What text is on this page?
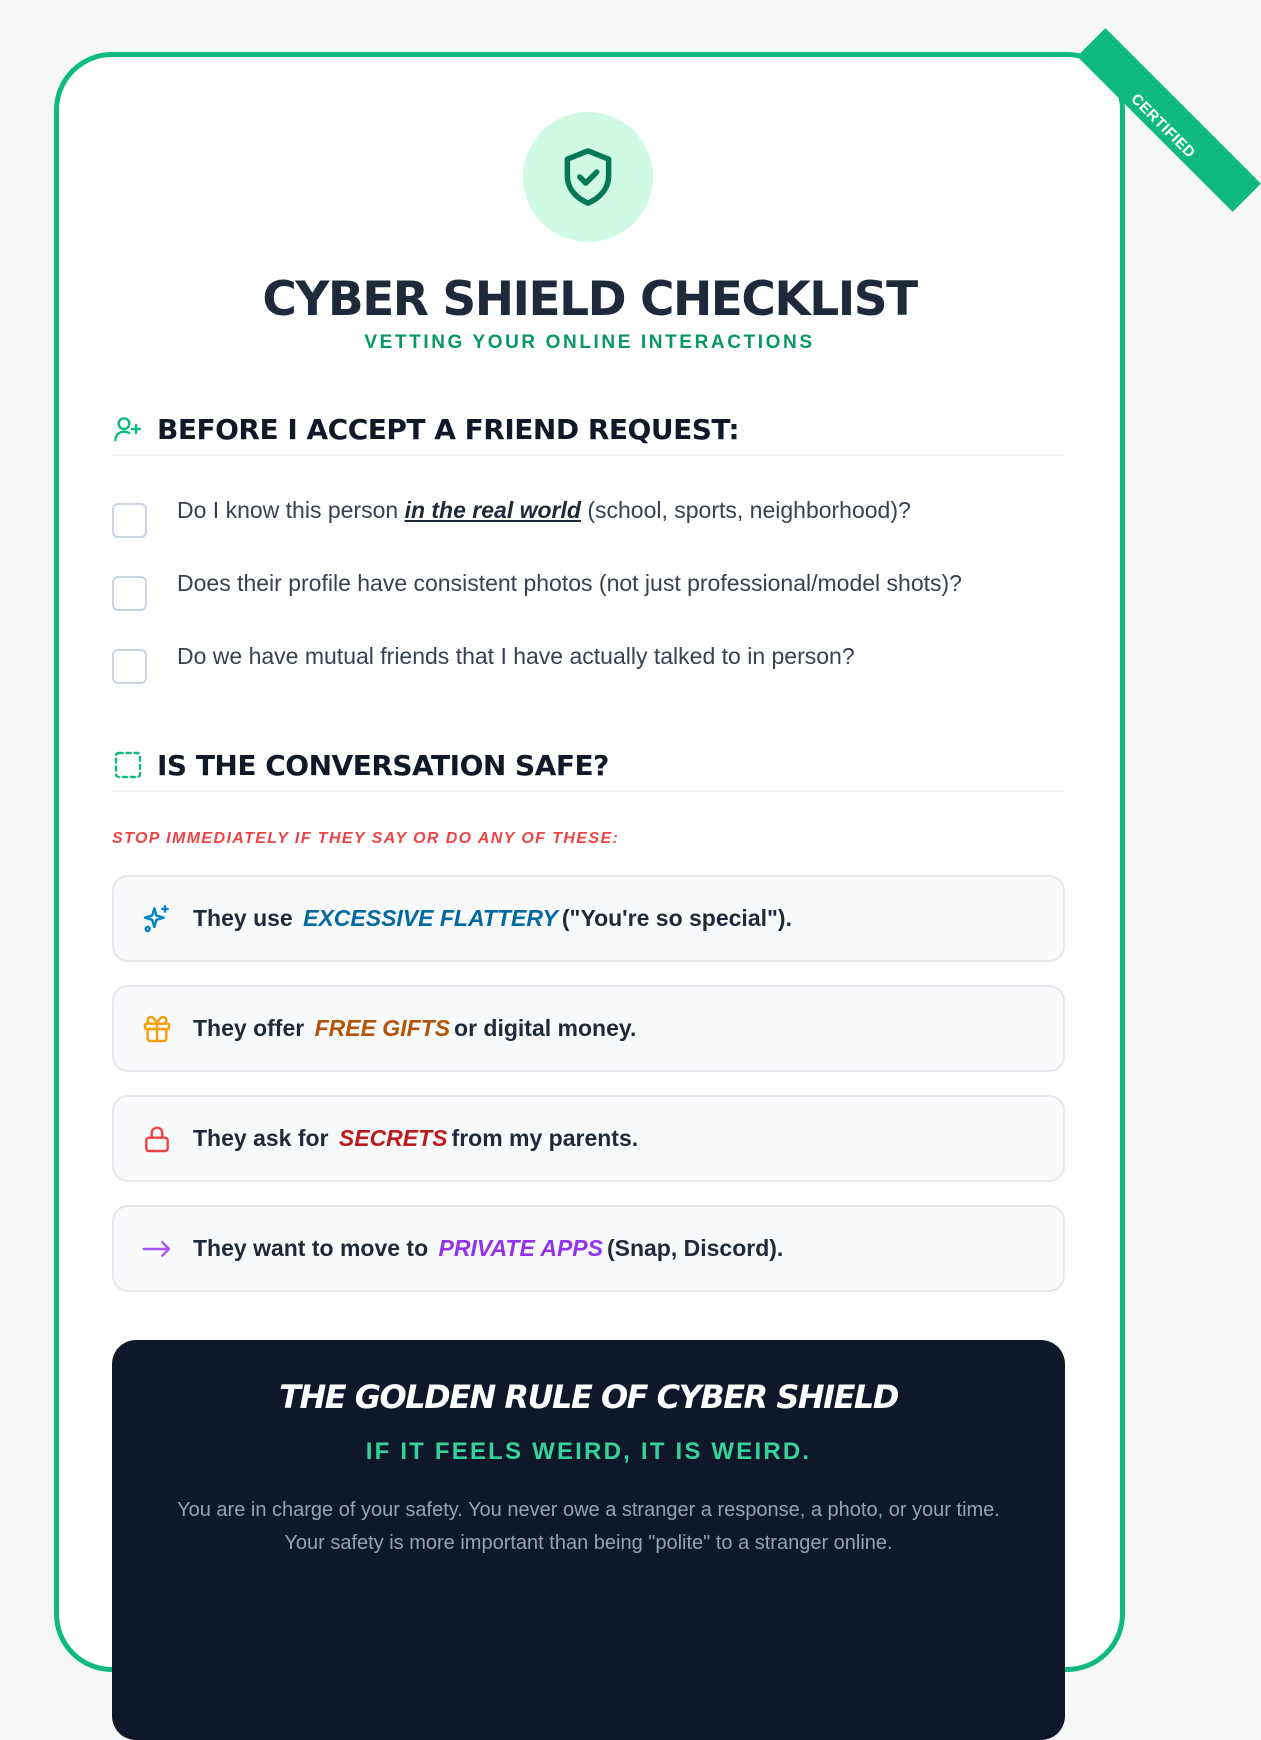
CERTIFIED
CYBER SHIELD CHECKLIST
VETTING YOUR ONLINE INTERACTIONS
BEFORE I ACCEPT A FRIEND REQUEST:
Do I know this person in the real world (school, sports, neighborhood)?
Does their profile have consistent photos (not just professional/model shots)?
Do we have mutual friends that I have actually talked to in person?
IS THE CONVERSATION SAFE?
STOP IMMEDIATELY IF THEY SAY OR DO ANY OF THESE:
They use EXCESSIVE FLATTERY ("You're so special").
They offer FREE GIFTS or digital money.
They ask for SECRETS from my parents.
They want to move to PRIVATE APPS (Snap, Discord).
THE GOLDEN RULE OF CYBER SHIELD
IF IT FEELS WEIRD, IT IS WEIRD.
You are in charge of your safety. You never owe a stranger a response, a photo, or your time.
Your safety is more important than being "polite" to a stranger online.
